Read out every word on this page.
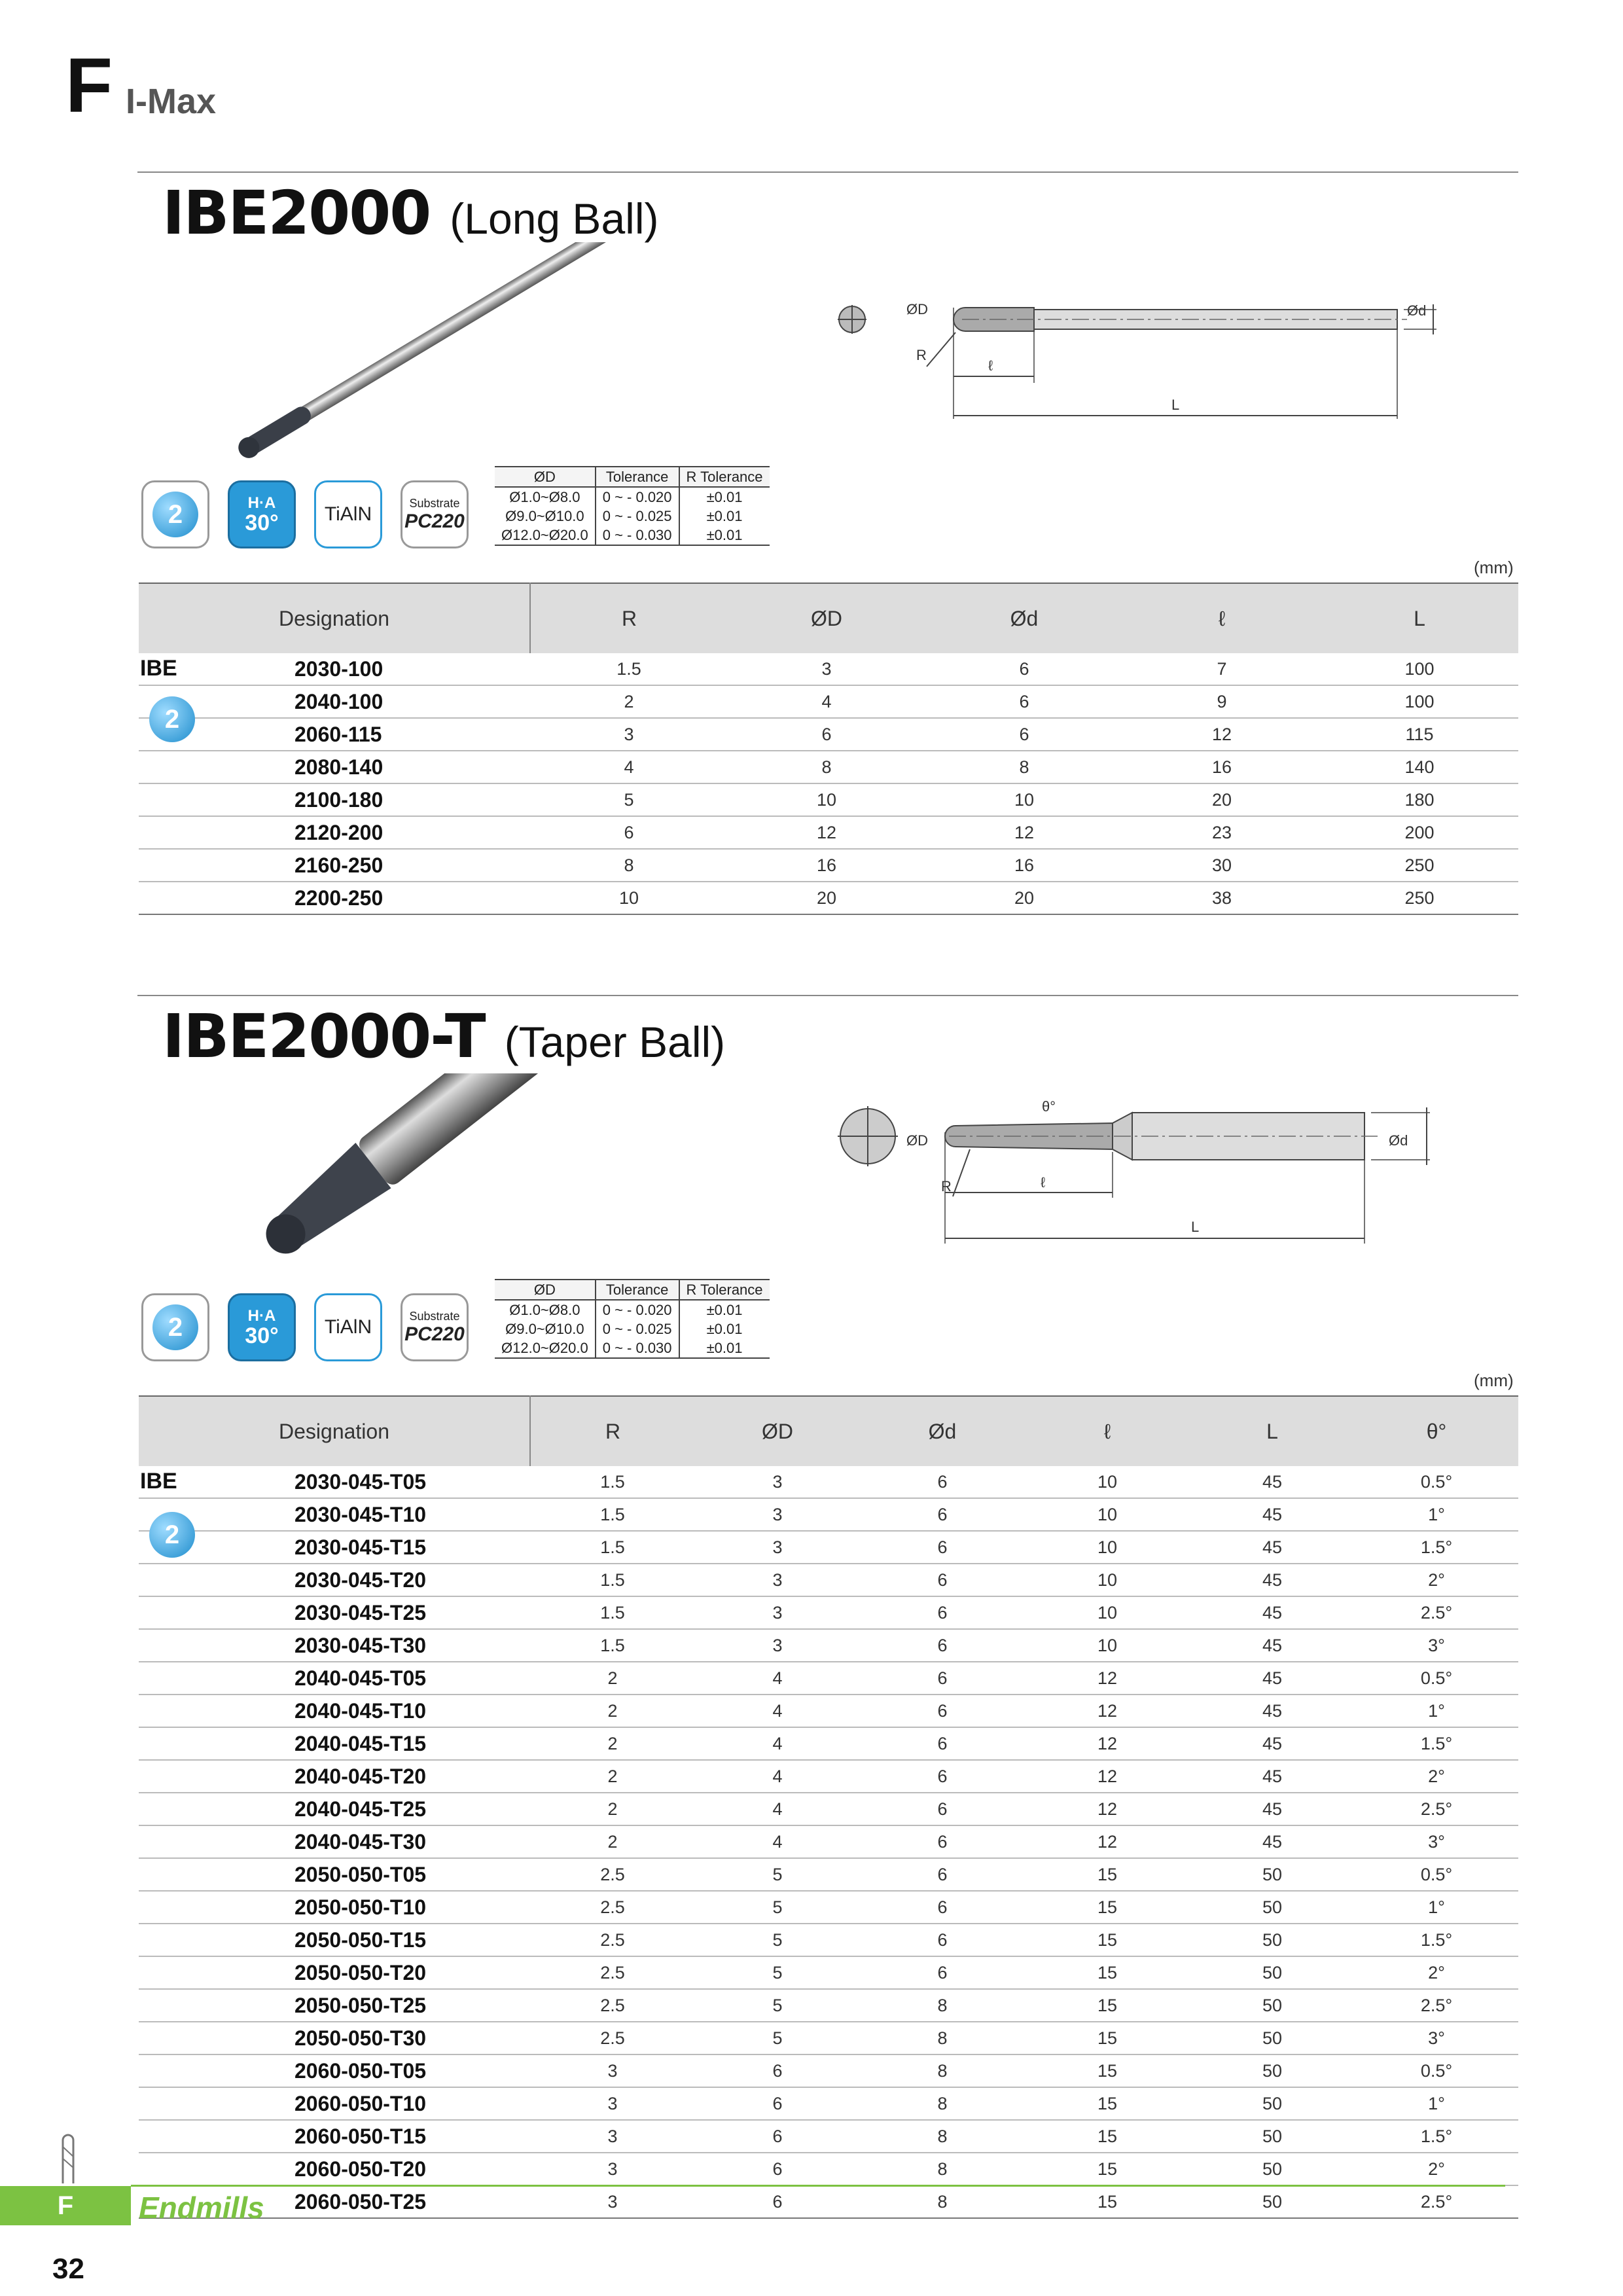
F I-Max
IBE2000 (Long Ball)
ØD	Ød
R
ℓ
L
2	H·A
30° TiAlN
Substrate
PC220
ØD	Tolerance	R Tolerance
Ø1.0~Ø8.0	0 ~ - 0.020	±0.01
Ø9.0~Ø10.0	0 ~ - 0.025	±0.01
Ø12.0~Ø20.0	0 ~ - 0.030	±0.01
(mm)
Designation	R	ØD	Ød	ℓ	L
2030-100	1.5	3	6	7	100
2040-100	2	4	6	9	100
2060-115	3	6	6	12	115
2080-140	4	8	8	16	140
2100-180	5	10	10	20	180
2120-200	6	12	12	23	200
2160-250	8	16	16	30	250
2200-250	10	20	20	38	250
IBE
2
IBE2000-T (Taper Ball)
θ°
ØD	Ød
R	ℓ
L
2	H·A
30° TiAlN
Substrate
PC220
ØD	Tolerance	R Tolerance
Ø1.0~Ø8.0	0 ~ - 0.020	±0.01
Ø9.0~Ø10.0	0 ~ - 0.025	±0.01
Ø12.0~Ø20.0	0 ~ - 0.030	±0.01
(mm)
Designation	R	ØD	Ød	ℓ	L	θ°
2030-045-T05	1.5	3	6	10	45	0.5°
2030-045-T10	1.5	3	6	10	45	1°
2030-045-T15	1.5	3	6	10	45	1.5°
2030-045-T20	1.5	3	6	10	45	2°
2030-045-T25	1.5	3	6	10	45	2.5°
2030-045-T30	1.5	3	6	10	45	3°
2040-045-T05	2	4	6	12	45	0.5°
2040-045-T10	2	4	6	12	45	1°
2040-045-T15	2	4	6	12	45	1.5°
2040-045-T20	2	4	6	12	45	2°
2040-045-T25	2	4	6	12	45	2.5°
2040-045-T30	2	4	6	12	45	3°
2050-050-T05	2.5	5	6	15	50	0.5°
2050-050-T10	2.5	5	6	15	50	1°
2050-050-T15	2.5	5	6	15	50	1.5°
2050-050-T20	2.5	5	6	15	50	2°
2050-050-T25	2.5	5	8	15	50	2.5°
2050-050-T30	2.5	5	8	15	50	3°
2060-050-T05	3	6	8	15	50	0.5°
2060-050-T10	3	6	8	15	50	1°
2060-050-T15	3	6	8	15	50	1.5°
2060-050-T20	3	6	8	15	50	2°
2060-050-T25	3	6	8	15	50	2.5°
IBE
2
F	Endmills
32
